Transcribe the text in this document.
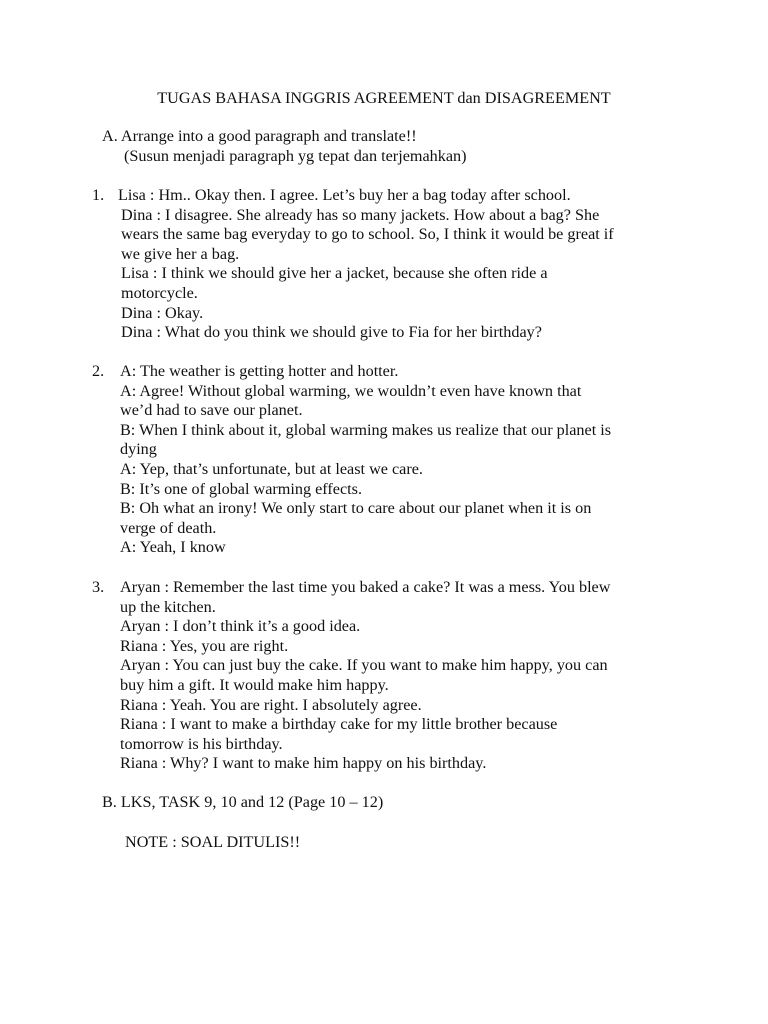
TUGAS BAHASA INGGRIS AGREEMENT dan DISAGREEMENT
A. Arrange into a good paragraph and translate!!
(Susun menjadi paragraph yg tepat dan terjemahkan)
1. Lisa : Hm.. Okay then. I agree. Let’s buy her a bag today after school.
Dina : I disagree. She already has so many jackets. How about a bag? She
wears the same bag everyday to go to school. So, I think it would be great if
we give her a bag.
Lisa : I think we should give her a jacket, because she often ride a
motorcycle.
Dina : Okay.
Dina : What do you think we should give to Fia for her birthday?
2. A: The weather is getting hotter and hotter.
A: Agree! Without global warming, we wouldn’t even have known that
we’d had to save our planet.
B: When I think about it, global warming makes us realize that our planet is
dying
A: Yep, that’s unfortunate, but at least we care.
B: It’s one of global warming effects.
B: Oh what an irony! We only start to care about our planet when it is on
verge of death.
A: Yeah, I know
3. Aryan : Remember the last time you baked a cake? It was a mess. You blew
up the kitchen.
Aryan : I don’t think it’s a good idea.
Riana : Yes, you are right.
Aryan : You can just buy the cake. If you want to make him happy, you can
buy him a gift. It would make him happy.
Riana : Yeah. You are right. I absolutely agree.
Riana : I want to make a birthday cake for my little brother because
tomorrow is his birthday.
Riana : Why? I want to make him happy on his birthday.
B. LKS, TASK 9, 10 and 12 (Page 10 – 12)
NOTE : SOAL DITULIS!!
